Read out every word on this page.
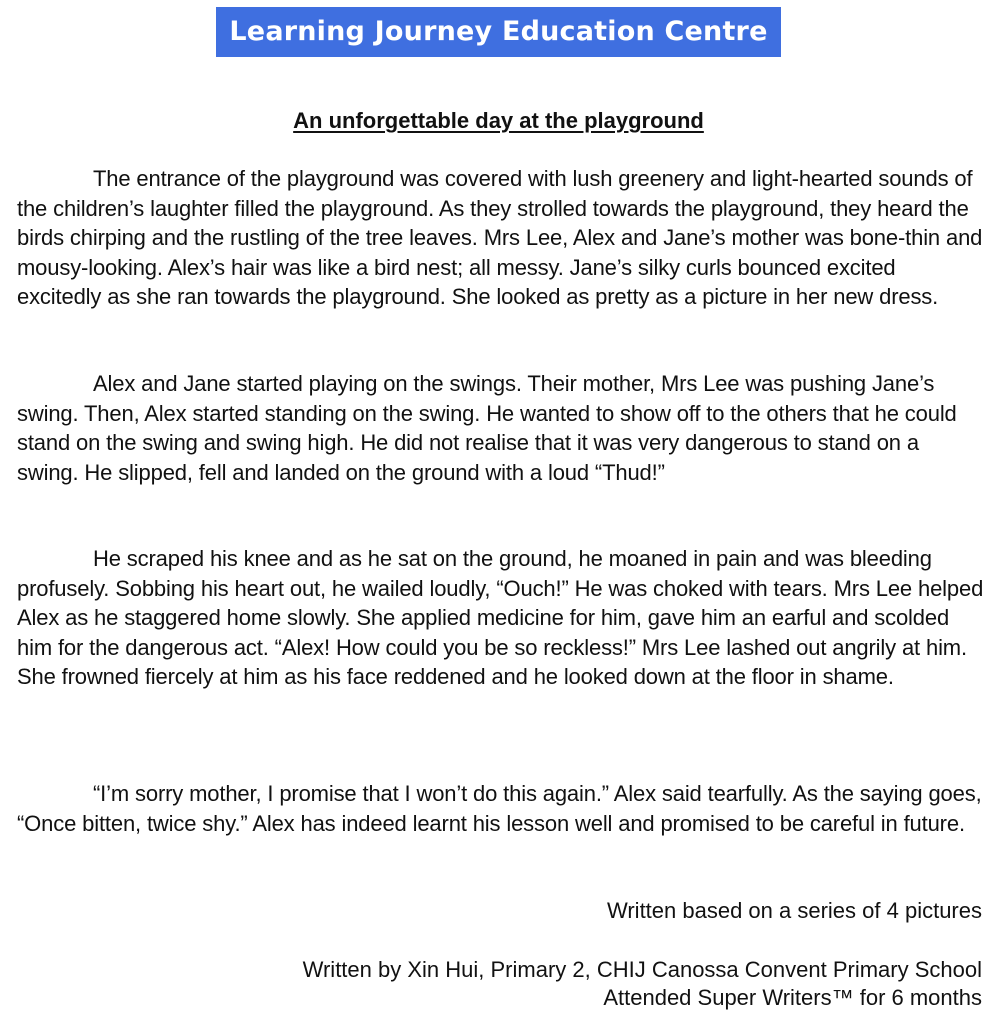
Learning Journey Education Centre
An unforgettable day at the playground

The entrance of the playground was covered with lush greenery and light-hearted sounds of the children’s laughter filled the playground. As they strolled towards the playground, they heard the birds chirping and the rustling of the tree leaves. Mrs Lee, Alex and Jane’s mother was bone-thin and mousy-looking. Alex’s hair was like a bird nest; all messy. Jane’s silky curls bounced excited excitedly as she ran towards the playground. She looked as pretty as a picture in her new dress.

Alex and Jane started playing on the swings. Their mother, Mrs Lee was pushing Jane’s swing. Then, Alex started standing on the swing. He wanted to show off to the others that he could stand on the swing and swing high. He did not realise that it was very dangerous to stand on a swing. He slipped, fell and landed on the ground with a loud “Thud!”

He scraped his knee and as he sat on the ground, he moaned in pain and was bleeding profusely. Sobbing his heart out, he wailed loudly, “Ouch!” He was choked with tears. Mrs Lee helped Alex as he staggered home slowly. She applied medicine for him, gave him an earful and scolded him for the dangerous act. “Alex! How could you be so reckless!” Mrs Lee lashed out angrily at him. She frowned fiercely at him as his face reddened and he looked down at the floor in shame.

“I’m sorry mother, I promise that I won’t do this again.” Alex said tearfully. As the saying goes, “Once bitten, twice shy.” Alex has indeed learnt his lesson well and promised to be careful in future.

Written based on a series of 4 pictures
Written by Xin Hui, Primary 2, CHIJ Canossa Convent Primary School
Attended Super Writers™ for 6 months
